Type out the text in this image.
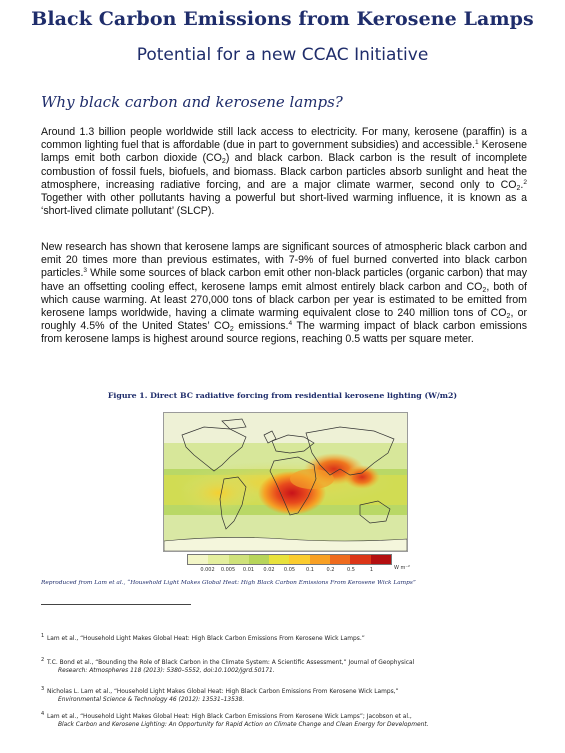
Black Carbon Emissions from Kerosene Lamps
Potential for a new CCAC Initiative
Why black carbon and kerosene lamps?

Around 1.3 billion people worldwide still lack access to electricity. For many, kerosene (paraffin) is a common lighting fuel that is affordable (due in part to government subsidies) and accessible.$^1$ Kerosene lamps emit both carbon dioxide $(CO_2)$ and black carbon. Black carbon is the result of incomplete combustion of fossil fuels, biofuels, and biomass. Black carbon particles absorb sunlight and heat the atmosphere, increasing radiative forcing, and are a major climate warmer, second only to $CO_2.^2$ Together with other pollutants having a powerful but short-lived warming influence, it is known as a ‘short-lived climate pollutant’ (SLCP).

New research has shown that kerosene lamps are significant sources of atmospheric black carbon and emit 20 times more than previous estimates, with 7-9% of fuel burned converted into black carbon particles.$^3$ While some sources of black carbon emit other non-black particles (organic carbon) that may have an offsetting cooling effect, kerosene lamps emit almost entirely black carbon and $CO_2$, both of which cause warming. At least 270,000 tons of black carbon per year is estimated to be emitted from kerosene lamps worldwide, having a climate warming equivalent close to 240 million tons of $CO_2$, or roughly 4.5% of the United States’ $CO_2$ emissions.$^4$ The warming impact of black carbon emissions from kerosene lamps is highest around source regions, reaching 0.5 watts per square meter.

Figure 1. Direct BC radiative forcing from residential kerosene lighting (W/m2)
0.002 0.005 0.01 0.02 0.05 0.1	0.2	0.5	1	W m⁻²
Reproduced from Lam et al., “Household Light Makes Global Heat: High Black Carbon Emissions From Kerosene Wick Lamps”
1 Lam et al., “Household Light Makes Global Heat: High Black Carbon Emissions From Kerosene Wick Lamps.”
2 T.C. Bond et al., “Bounding the Role of Black Carbon in the Climate System: A Scientific Assessment,” Journal of Geophysical
Research: Atmospheres 118 (2013): 5380–5552, doi:10.1002/jgrd.50171.
3 Nicholas L. Lam et al., “Household Light Makes Global Heat: High Black Carbon Emissions From Kerosene Wick Lamps,”
Environmental Science & Technology 46 (2012): 13531–13538.
4 Lam et al., “Household Light Makes Global Heat: High Black Carbon Emissions From Kerosene Wick Lamps”; Jacobson et al.,
Black Carbon and Kerosene Lighting: An Opportunity for Rapid Action on Climate Change and Clean Energy for Development.
